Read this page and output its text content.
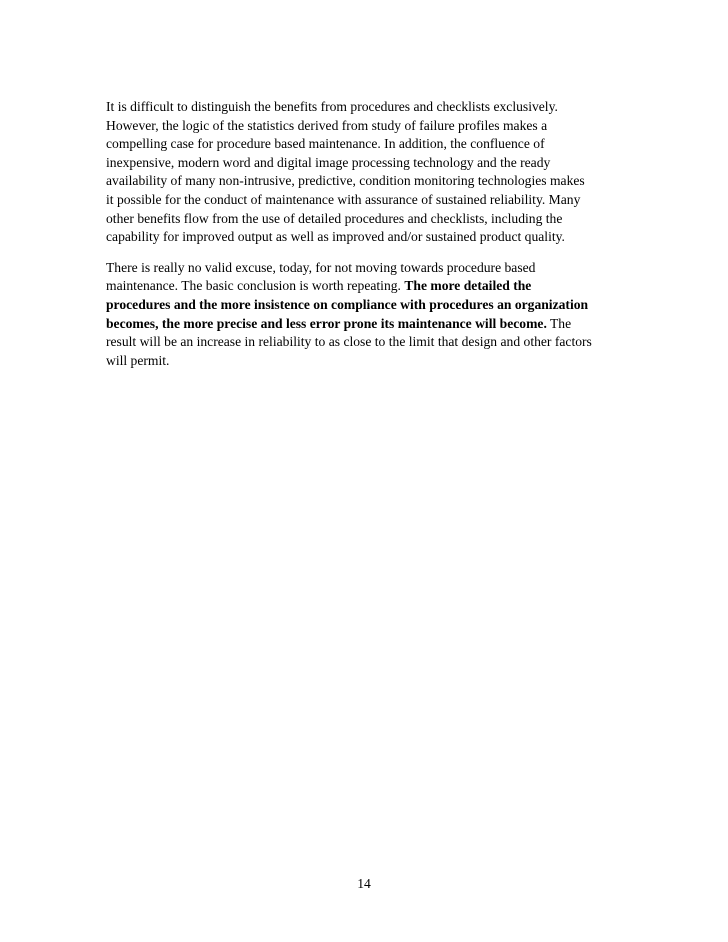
It is difficult to distinguish the benefits from procedures and checklists exclusively.
However, the logic of the statistics derived from study of failure profiles makes a
compelling case for procedure based maintenance. In addition, the confluence of
inexpensive, modern word and digital image processing technology and the ready
availability of many non-intrusive, predictive, condition monitoring technologies makes
it possible for the conduct of maintenance with assurance of sustained reliability. Many
other benefits flow from the use of detailed procedures and checklists, including the
capability for improved output as well as improved and/or sustained product quality.
There is really no valid excuse, today, for not moving towards procedure based
maintenance. The basic conclusion is worth repeating. The more detailed the
procedures and the more insistence on compliance with procedures an organization
becomes, the more precise and less error prone its maintenance will become. The
result will be an increase in reliability to as close to the limit that design and other factors
will permit.
14
